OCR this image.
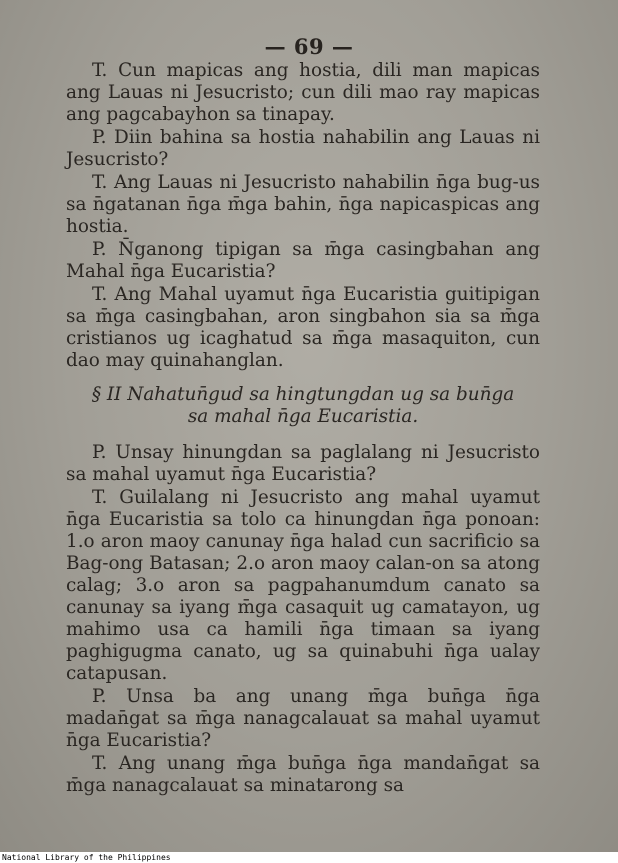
— 69 —

T. Cun mapicas ang hostia, dili man mapicas ang Lauas ni Jesucristo; cun dili mao ray mapicas ang pagcabayhon sa tinapay.

P. Diin bahina sa hostia nahabilin ang Lauas ni Jesucristo?

T. Ang Lauas ni Jesucristo nahabilin n̄ga bug-us sa n̄gatanan n̄ga m̄ga bahin, n̄ga napicaspicas ang hostia.

P. N̄ganong tipigan sa m̄ga casingbahan ang Mahal n̄ga Eucaristia?

T. Ang Mahal uyamut n̄ga Eucaristia guitipigan sa m̄ga casingbahan, aron singbahon sia sa m̄ga cristianos ug icaghatud sa m̄ga masaquiton, cun dao may quinahanglan.

§ II Nahatun̄gud sa hingtungdan ug sa bun̄ga
sa mahal n̄ga Eucaristia.

P. Unsay hinungdan sa paglalang ni Jesucristo sa mahal uyamut n̄ga Eucaristia?

T. Guilalang ni Jesucristo ang mahal uyamut n̄ga Eucaristia sa tolo ca hinungdan n̄ga ponoan: 1.o aron maoy canunay n̄ga halad cun sacrificio sa Bag-ong Batasan; 2.o aron maoy calan-on sa atong calag; 3.o aron sa pagpahanumdum canato sa canunay sa iyang m̄ga casaquit ug camatayon, ug mahimo usa ca hamili n̄ga timaan sa iyang paghigugma canato, ug sa quinabuhi n̄ga ualay catapusan.

P. Unsa ba ang unang m̄ga bun̄ga n̄ga madan̄gat sa m̄ga nanagcalauat sa mahal uyamut n̄ga Eucaristia?

T. Ang unang m̄ga bun̄ga n̄ga mandan̄gat sa m̄ga nanagcalauat sa minatarong sa

National Library of the Philippines
